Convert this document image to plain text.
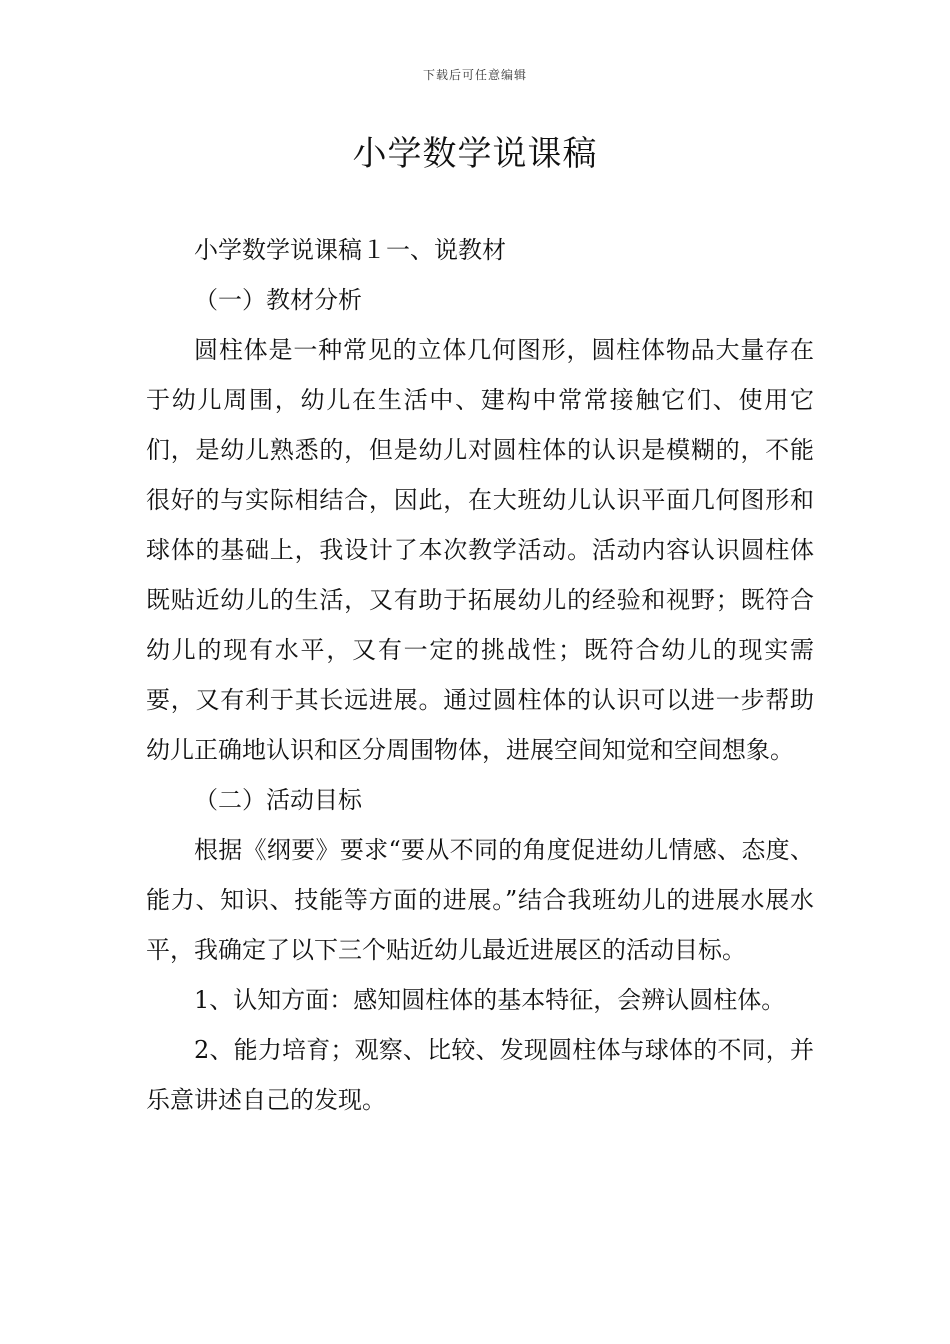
下载后可任意编辑
小学数学说课稿

小学数学说课稿１一、说教材

（一）教材分析

圆柱体是一种常见的立体几何图形，圆柱体物品大量存在于幼儿周围，幼儿在生活中、建构中常常接触它们、使用它们，是幼儿熟悉的，但是幼儿对圆柱体的认识是模糊的，不能很好的与实际相结合，因此，在大班幼儿认识平面几何图形和球体的基础上，我设计了本次教学活动。活动内容认识圆柱体既贴近幼儿的生活，又有助于拓展幼儿的经验和视野；既符合幼儿的现有水平，又有一定的挑战性；既符合幼儿的现实需要，又有利于其长远进展。通过圆柱体的认识可以进一步帮助幼儿正确地认识和区分周围物体，进展空间知觉和空间想象。

（二）活动目标

根据《纲要》要求“要从不同的角度促进幼儿情感、态度、能力、知识、技能等方面的进展。”结合我班幼儿的进展水展水平，我确定了以下三个贴近幼儿最近进展区的活动目标。

1、认知方面：感知圆柱体的基本特征，会辨认圆柱体。

2、能力培育；观察、比较、发现圆柱体与球体的不同，并乐意讲述自己的发现。
